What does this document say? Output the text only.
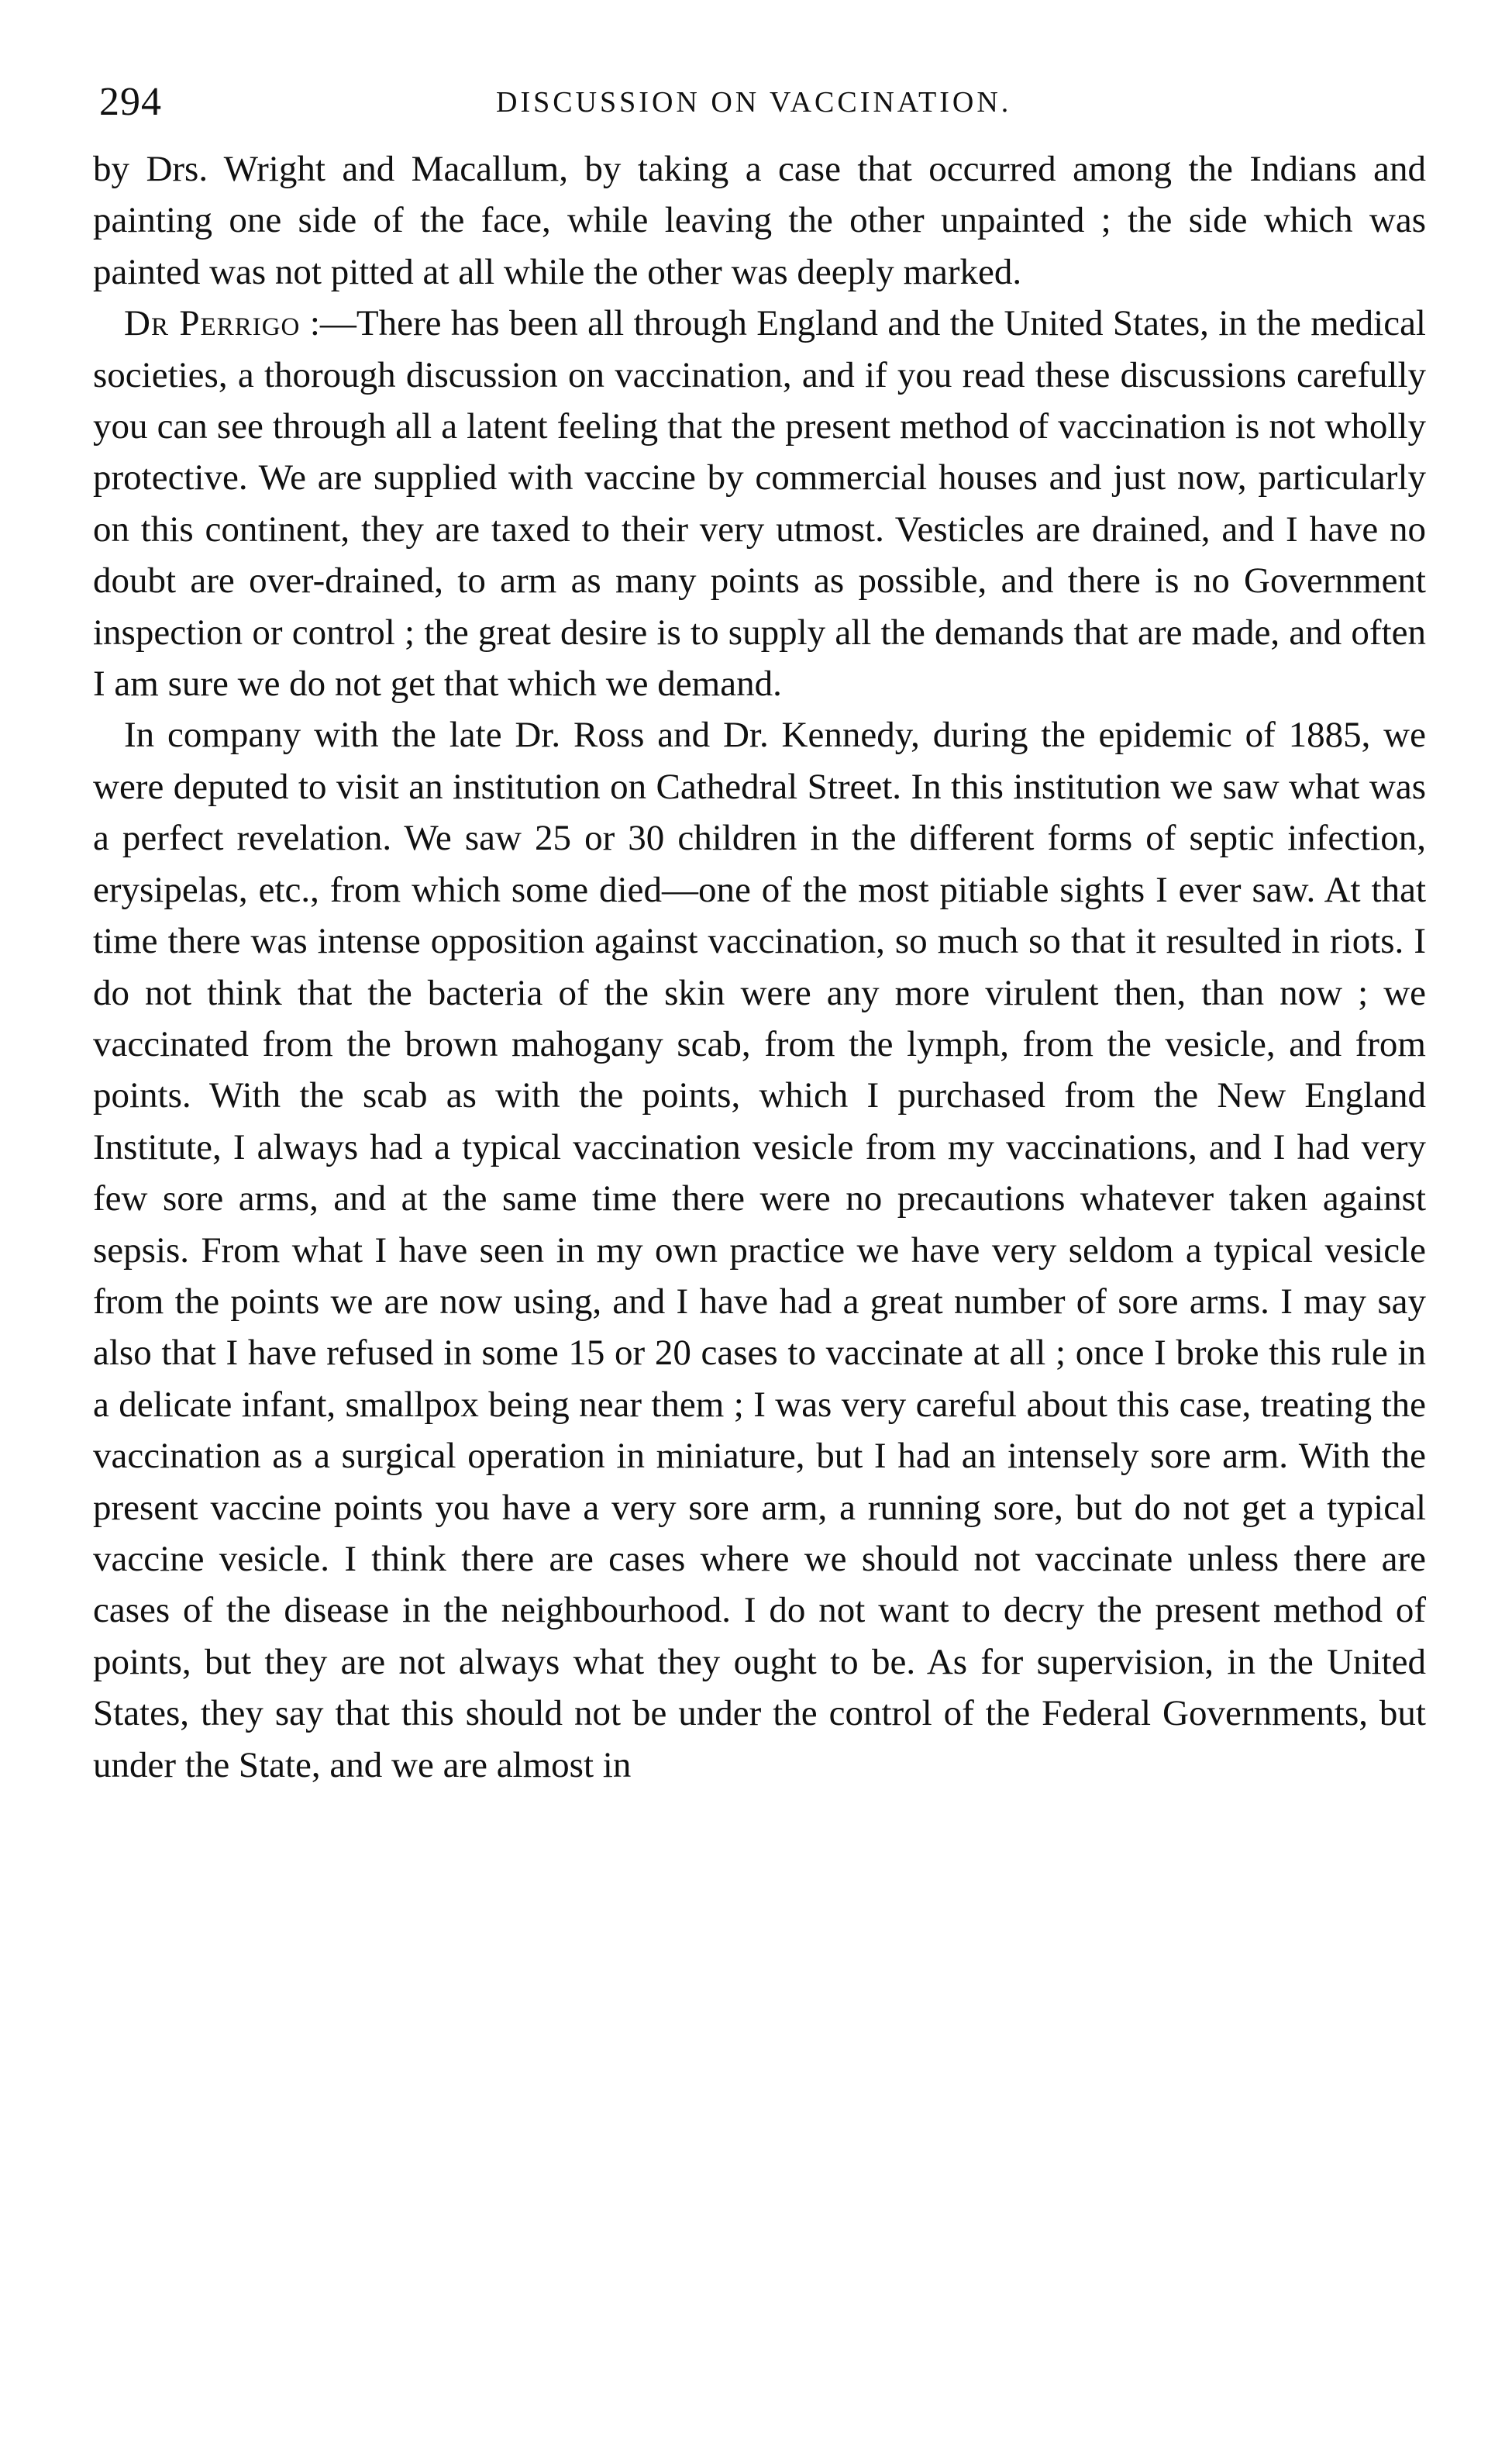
294	DISCUSSION ON VACCINATION.

by Drs. Wright and Macallum, by taking a case that occurred among the Indians and painting one side of the face, while leaving the other unpainted ; the side which was painted was not pitted at all while the other was deeply marked.

Dr Perrigo :—There has been all through England and the United States, in the medical societies, a thorough discussion on vaccination, and if you read these discussions carefully you can see through all a latent feeling that the present method of vaccination is not wholly protective. We are supplied with vaccine by commercial houses and just now, particularly on this continent, they are taxed to their very utmost. Vesticles are drained, and I have no doubt are over-drained, to arm as many points as possible, and there is no Government inspection or control ; the great desire is to supply all the demands that are made, and often I am sure we do not get that which we demand.

In company with the late Dr. Ross and Dr. Kennedy, during the epidemic of 1885, we were deputed to visit an institution on Cathedral Street. In this institution we saw what was a perfect revelation. We saw 25 or 30 children in the different forms of septic infection, erysipelas, etc., from which some died—one of the most pitiable sights I ever saw. At that time there was intense opposition against vaccination, so much so that it resulted in riots. I do not think that the bacteria of the skin were any more virulent then, than now ; we vaccinated from the brown mahogany scab, from the lymph, from the vesicle, and from points. With the scab as with the points, which I purchased from the New England Institute, I always had a typical vaccination vesicle from my vaccinations, and I had very few sore arms, and at the same time there were no precautions whatever taken against sepsis. From what I have seen in my own practice we have very seldom a typical vesicle from the points we are now using, and I have had a great number of sore arms. I may say also that I have refused in some 15 or 20 cases to vaccinate at all ; once I broke this rule in a delicate infant, smallpox being near them ; I was very careful about this case, treating the vaccination as a surgical operation in miniature, but I had an intensely sore arm. With the present vaccine points you have a very sore arm, a running sore, but do not get a typical vaccine vesicle. I think there are cases where we should not vaccinate unless there are cases of the disease in the neighbourhood. I do not want to decry the present method of points, but they are not always what they ought to be. As for supervision, in the United States, they say that this should not be under the control of the Federal Governments, but under the State, and we are almost in
